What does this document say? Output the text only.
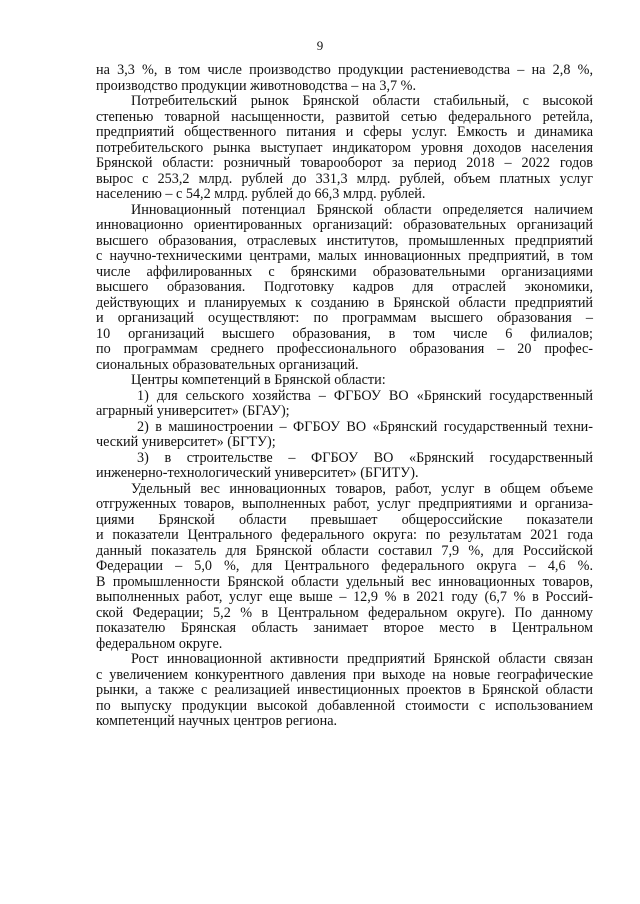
9
на 3,3 %, в том числе производство продукции растениеводства – на 2,8 %,
производство продукции животноводства – на 3,7 %.
Потребительский рынок Брянской области стабильный, с высокой
степенью товарной насыщенности, развитой сетью федерального ретейла,
предприятий общественного питания и сферы услуг. Емкость и динамика
потребительского рынка выступает индикатором уровня доходов населения
Брянской области: розничный товарооборот за период 2018 – 2022 годов
вырос с 253,2 млрд. рублей до 331,3 млрд. рублей, объем платных услуг
населению – с 54,2 млрд. рублей до 66,3 млрд. рублей.
Инновационный потенциал Брянской области определяется наличием
инновационно ориентированных организаций: образовательных организаций
высшего образования, отраслевых институтов, промышленных предприятий
с научно-техническими центрами, малых инновационных предприятий, в том
числе аффилированных с брянскими образовательными организациями
высшего образования. Подготовку кадров для отраслей экономики,
действующих и планируемых к созданию в Брянской области предприятий
и организаций осуществляют: по программам высшего образования –
10 организаций высшего образования, в том числе 6 филиалов;
по программам среднего профессионального образования – 20 профес-
сиональных образовательных организаций.
Центры компетенций в Брянской области:
1) для сельского хозяйства – ФГБОУ ВО «Брянский государственный
аграрный университет» (БГАУ);
2) в машиностроении – ФГБОУ ВО «Брянский государственный техни-
ческий университет» (БГТУ);
3) в строительстве – ФГБОУ ВО «Брянский государственный
инженерно-технологический университет» (БГИТУ).
Удельный вес инновационных товаров, работ, услуг в общем объеме
отгруженных товаров, выполненных работ, услуг предприятиями и организа-
циями Брянской области превышает общероссийские показатели
и показатели Центрального федерального округа: по результатам 2021 года
данный показатель для Брянской области составил 7,9 %, для Российской
Федерации – 5,0 %, для Центрального федерального округа – 4,6 %.
В промышленности Брянской области удельный вес инновационных товаров,
выполненных работ, услуг еще выше – 12,9 % в 2021 году (6,7 % в Россий-
ской Федерации; 5,2 % в Центральном федеральном округе). По данному
показателю Брянская область занимает второе место в Центральном
федеральном округе.
Рост инновационной активности предприятий Брянской области связан
с увеличением конкурентного давления при выходе на новые географические
рынки, а также с реализацией инвестиционных проектов в Брянской области
по выпуску продукции высокой добавленной стоимости с использованием
компетенций научных центров региона.
